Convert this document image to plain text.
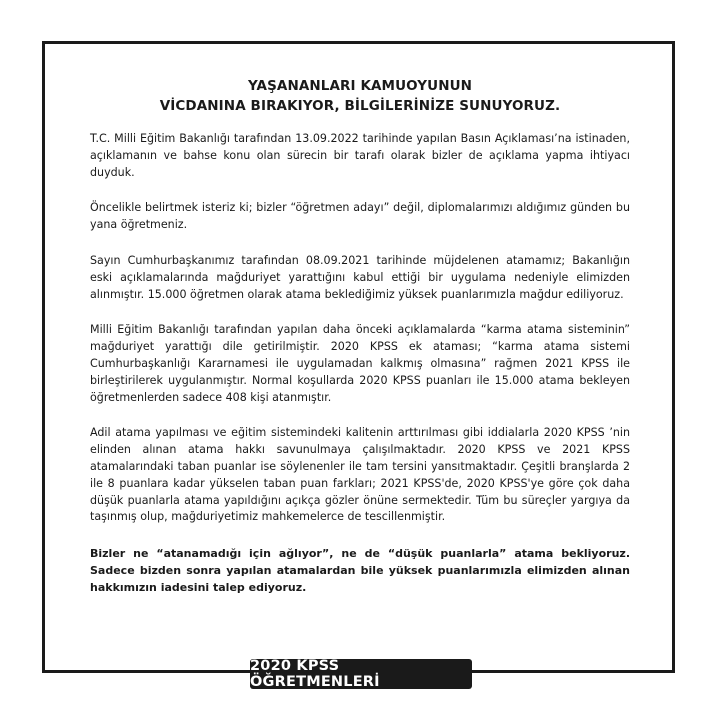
YAŞANANLARI KAMUOYUNUN
VİCDANINA BIRAKIYOR, BİLGİLERİNİZE SUNUYORUZ.

T.C. Milli Eğitim Bakanlığı tarafından 13.09.2022 tarihinde yapılan Basın Açıklaması’na istinaden, açıklamanın ve bahse konu olan sürecin bir tarafı olarak bizler de açıklama yapma ihtiyacı duyduk.

Öncelikle belirtmek isteriz ki; bizler “öğretmen adayı” değil, diplomalarımızı aldığımız günden bu yana öğretmeniz.

Sayın Cumhurbaşkanımız tarafından 08.09.2021 tarihinde müjdelenen atamamız; Bakanlığın eski açıklamalarında mağduriyet yarattığını kabul ettiği bir uygulama nedeniyle elimizden alınmıştır. 15.000 öğretmen olarak atama beklediğimiz yüksek puanlarımızla mağdur ediliyoruz.

Milli Eğitim Bakanlığı tarafından yapılan daha önceki açıklamalarda “karma atama sisteminin” mağduriyet yarattığı dile getirilmiştir. 2020 KPSS ek ataması; “karma atama sistemi Cumhurbaşkanlığı Kararnamesi ile uygulamadan kalkmış olmasına” rağmen 2021 KPSS ile birleştirilerek uygulanmıştır. Normal koşullarda 2020 KPSS puanları ile 15.000 atama bekleyen öğretmenlerden sadece 408 kişi atanmıştır.

Adil atama yapılması ve eğitim sistemindeki kalitenin arttırılması gibi iddialarla 2020 KPSS ’nin elinden alınan atama hakkı savunulmaya çalışılmaktadır. 2020 KPSS ve 2021 KPSS atamalarındaki taban puanlar ise söylenenler ile tam tersini yansıtmaktadır. Çeşitli branşlarda 2 ile 8 puanlara kadar yükselen taban puan farkları; 2021 KPSS'de, 2020 KPSS'ye göre çok daha düşük puanlarla atama yapıldığını açıkça gözler önüne sermektedir. Tüm bu süreçler yargıya da taşınmış olup, mağduriyetimiz mahkemelerce de tescillenmiştir.

Bizler ne “atanamadığı için ağlıyor”, ne de “düşük puanlarla” atama bekliyoruz. Sadece bizden sonra yapılan atamalardan bile yüksek puanlarımızla elimizden alınan hakkımızın iadesini talep ediyoruz.

2020 KPSS ÖĞRETMENLERİ
